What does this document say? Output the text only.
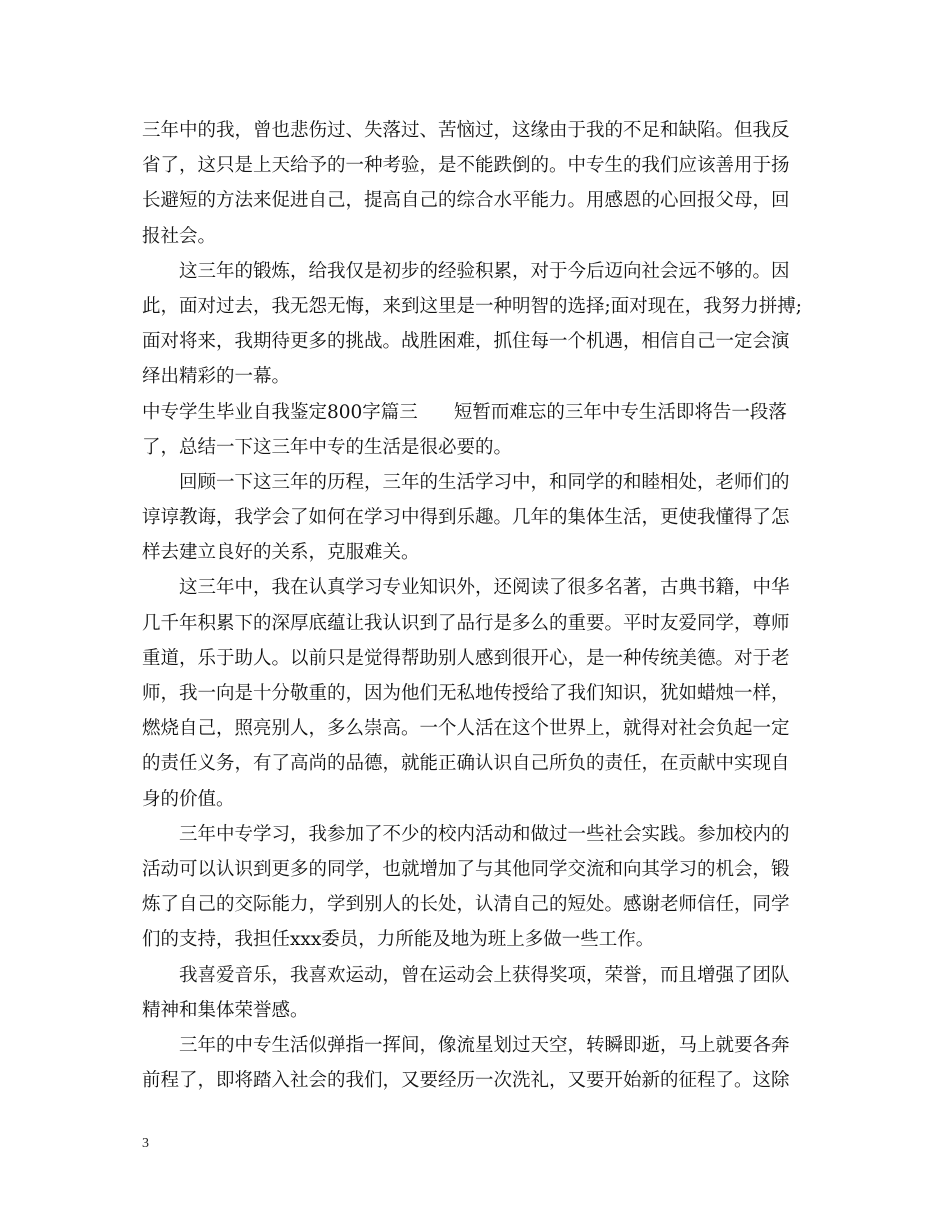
三年中的我，曾也悲伤过、失落过、苦恼过，这缘由于我的不足和缺陷。但我反
省了，这只是上天给予的一种考验，是不能跌倒的。中专生的我们应该善用于扬
长避短的方法来促进自己，提高自己的综合水平能力。用感恩的心回报父母，回
报社会。
这三年的锻炼，给我仅是初步的经验积累，对于今后迈向社会远不够的。因
此，面对过去，我无怨无悔，来到这里是一种明智的选择;面对现在，我努力拼搏;
面对将来，我期待更多的挑战。战胜困难，抓住每一个机遇，相信自己一定会演
绎出精彩的一幕。
中专学生毕业自我鉴定800字篇三 短暂而难忘的三年中专生活即将告一段落
了，总结一下这三年中专的生活是很必要的。
回顾一下这三年的历程，三年的生活学习中，和同学的和睦相处，老师们的
谆谆教诲，我学会了如何在学习中得到乐趣。几年的集体生活，更使我懂得了怎
样去建立良好的关系，克服难关。
这三年中，我在认真学习专业知识外，还阅读了很多名著，古典书籍，中华
几千年积累下的深厚底蕴让我认识到了品行是多么的重要。平时友爱同学，尊师
重道，乐于助人。以前只是觉得帮助别人感到很开心，是一种传统美德。对于老
师，我一向是十分敬重的，因为他们无私地传授给了我们知识，犹如蜡烛一样，
燃烧自己，照亮别人，多么崇高。一个人活在这个世界上，就得对社会负起一定
的责任义务，有了高尚的品德，就能正确认识自己所负的责任，在贡献中实现自
身的价值。
三年中专学习，我参加了不少的校内活动和做过一些社会实践。参加校内的
活动可以认识到更多的同学，也就增加了与其他同学交流和向其学习的机会，锻
炼了自己的交际能力，学到别人的长处，认清自己的短处。感谢老师信任，同学
们的支持，我担任xxx委员，力所能及地为班上多做一些工作。
我喜爱音乐，我喜欢运动，曾在运动会上获得奖项，荣誉，而且增强了团队
精神和集体荣誉感。
三年的中专生活似弹指一挥间，像流星划过天空，转瞬即逝，马上就要各奔
前程了，即将踏入社会的我们，又要经历一次洗礼，又要开始新的征程了。这除
3
